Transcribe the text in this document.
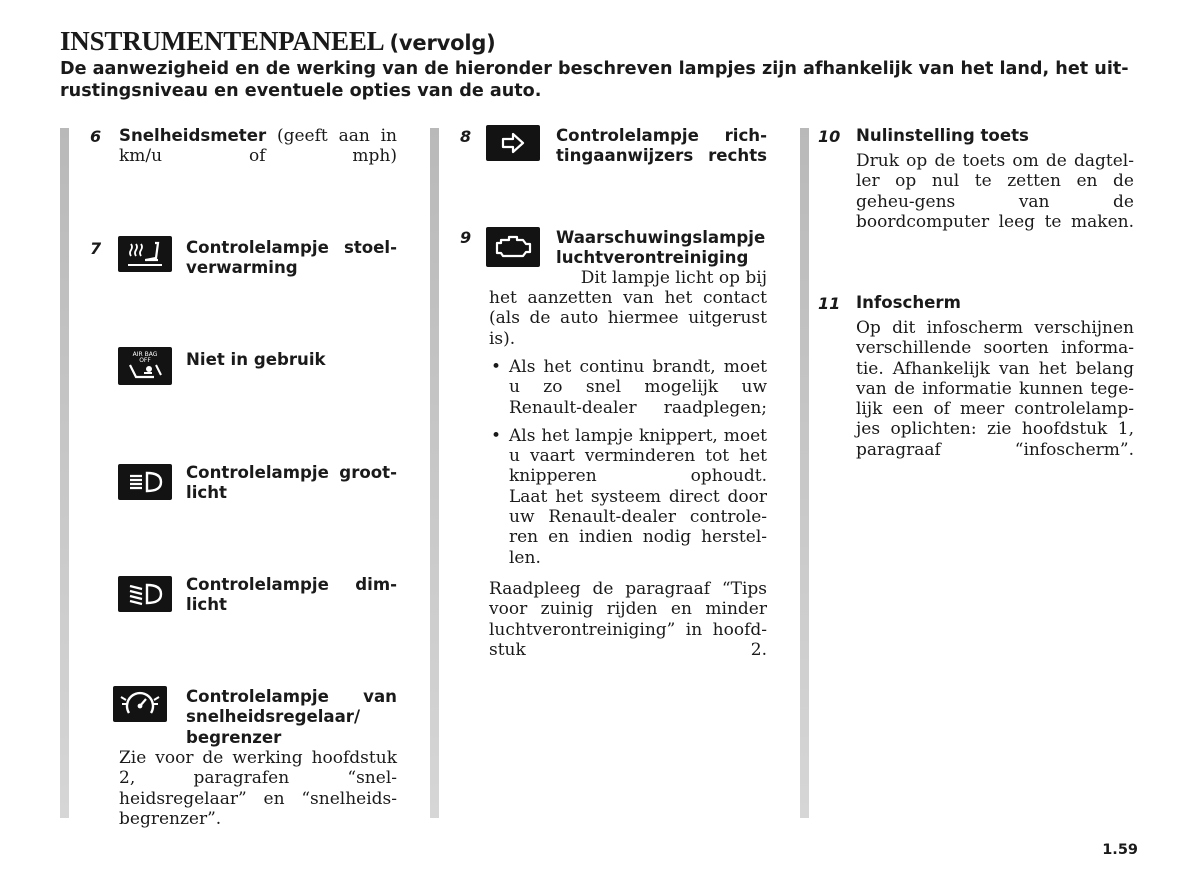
INSTRUMENTENPANEEL (vervolg)

De aanwezigheid en de werking van de hieronder beschreven lampjes zijn afhankelijk van het land, het uit-rustingsniveau en eventuele opties van de auto.

6 Snelheidsmeter (geeft aan in km/u of mph)

7	Controlelampje stoel-verwarming

AIR BAG
OFF Niet in gebruik

Controlelampje groot-licht

Controlelampje dim-licht

Controlelampje van snelheidsregelaar/ begrenzer

Zie voor de werking hoofdstuk 2, paragrafen “snel-heidsregelaar” en “snelheids-begrenzer”.

8	Controlelampje rich-tingaanwijzers rechts

9	Waarschuwingslampje luchtverontreiniging

Dit lampje licht op bij

het aanzetten van het contact (als de auto hiermee uitgerust is).

• Als het continu brandt, moet u zo snel mogelijk uw Renault-dealer raadplegen;
• Als het lampje knippert, moet u vaart verminderen tot het knipperen ophoudt.
Laat het systeem direct door uw Renault-dealer controle-ren en indien nodig herstel-len.

Raadpleeg de paragraaf “Tips voor zuinig rijden en minder luchtverontreiniging” in hoofd-stuk 2.

10 Nulinstelling toets

Druk op de toets om de dagtel-ler op nul te zetten en de geheu-gens van de boordcomputer leeg te maken.

11 Infoscherm

Op dit infoscherm verschijnen verschillende soorten informa-tie. Afhankelijk van het belang van de informatie kunnen tege-lijk een of meer controlelamp-jes oplichten: zie hoofdstuk 1, paragraaf “infoscherm”.

1.59
